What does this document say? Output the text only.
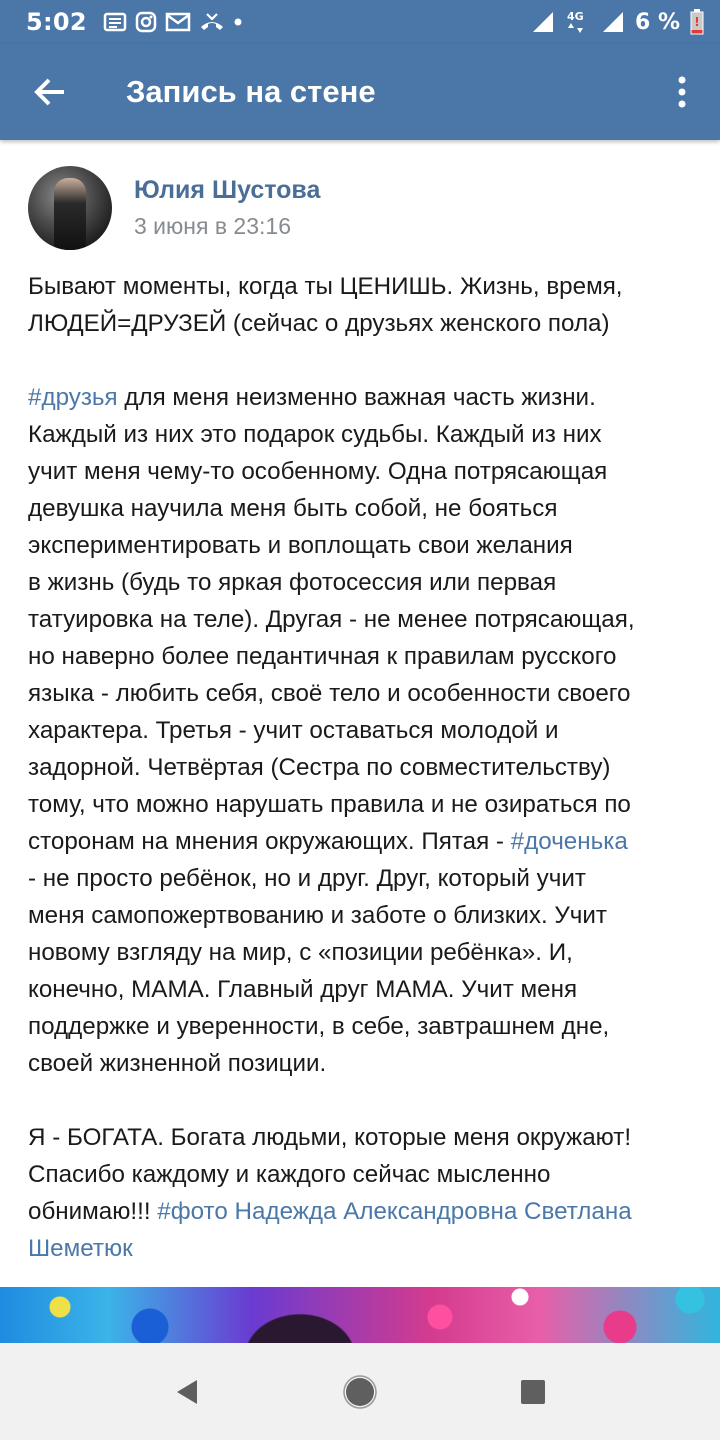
5:02	4G 6 % !
Запись на стене
Юлия Шустова
3 июня в 23:16

Бывают моменты, когда ты ЦЕНИШЬ. Жизнь, время,

ЛЮДЕЙ=ДРУЗЕЙ (сейчас о друзьях женского пола)

#друзья для меня неизменно важная часть жизни.

Каждый из них это подарок судьбы. Каждый из них

учит меня чему-то особенному. Одна потрясающая

девушка научила меня быть собой, не бояться

экспериментировать и воплощать свои желания

в жизнь (будь то яркая фотосессия или первая

татуировка на теле). Другая - не менее потрясающая,

но наверно более педантичная к правилам русского

языка - любить себя, своё тело и особенности своего

характера. Третья - учит оставаться молодой и

задорной. Четвёртая (Сестра по совместительству)

тому, что можно нарушать правила и не озираться по

сторонам на мнения окружающих. Пятая - #доченька

- не просто ребёнок, но и друг. Друг, который учит

меня самопожертвованию и заботе о близких. Учит

новому взгляду на мир, с «позиции ребёнка». И,

конечно, МАМА. Главный друг МАМА. Учит меня

поддержке и уверенности, в себе, завтрашнем дне,

своей жизненной позиции.

Я - БОГАТА. Богата людьми, которые меня окружают!

Спасибо каждому и каждого сейчас мысленно

обнимаю!!! #фото Надежда Александровна Светлана

Шеметюк
